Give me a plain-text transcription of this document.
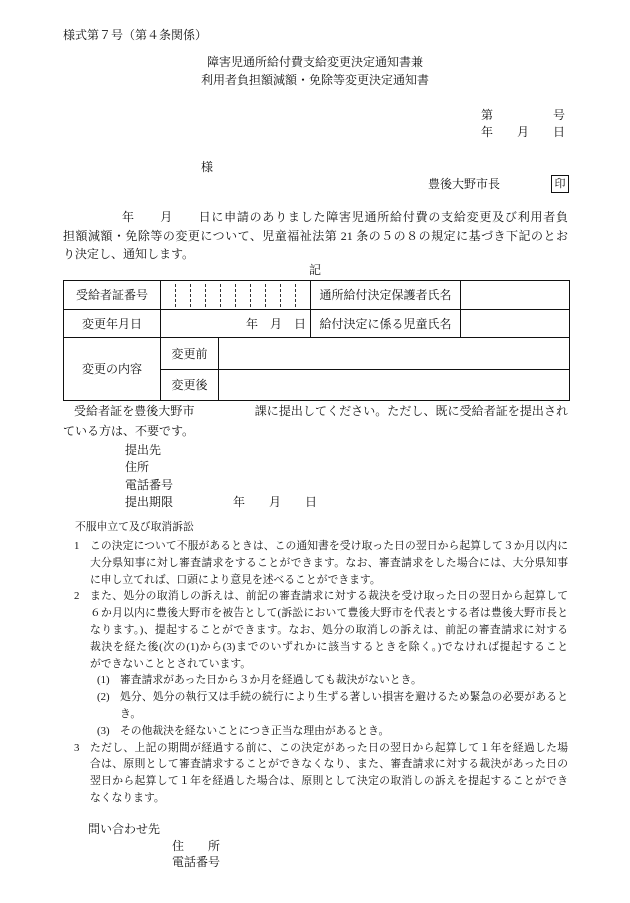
様式第７号（第４条関係）
障害児通所給付費支給変更決定通知書兼
利用者負担額減額・免除等変更決定通知書
第　　　　　号
年　　月　　日
様
豊後大野市長	印
年　　月　　日に申請のありました障害児通所給付費の支給変更及び利用者負
担額減額・免除等の変更について、児童福祉法第 21 条の５の８の規定に基づき下記のとお
り決定し、通知します。
記
受給者証番号			通所給付決定保護者氏名	
変更年月日	年　月　日		給付決定に係る児童氏名	
変更の内容	変更前			
	変更後			
受給者証を豊後大野市　　　　　課に提出してください。ただし、既に受給者証を提出され
ている方は、不要です。
提出先
住所
電話番号
提出期限　　　　　年　　月　　日
不服申立て及び取消訴訟
1 この決定について不服があるときは、この通知書を受け取った日の翌日から起算して３か月以内に
大分県知事に対し審査請求をすることができます。なお、審査請求をした場合には、大分県知事
に申し立てれば、口頭により意見を述べることができます。
2 また、処分の取消しの訴えは、前記の審査請求に対する裁決を受け取った日の翌日から起算して
６か月以内に豊後大野市を被告として(訴訟において豊後大野市を代表とする者は豊後大野市長と
なります。)、提起することができます。なお、処分の取消しの訴えは、前記の審査請求に対する
裁決を経た後(次の(1)から(3)までのいずれかに該当するときを除く。)でなければ提起すること
ができないこととされています。
(1) 審査請求があった日から３か月を経過しても裁決がないとき。
(2) 処分、処分の執行又は手続の続行により生ずる著しい損害を避けるため緊急の必要があると
き。
(3) その他裁決を経ないことにつき正当な理由があるとき。
3 ただし、上記の期間が経過する前に、この決定があった日の翌日から起算して１年を経過した場
合は、原則として審査請求することができなくなり、また、審査請求に対する裁決があった日の
翌日から起算して１年を経過した場合は、原則として決定の取消しの訴えを提起することができ
なくなります。
問い合わせ先
住　　所
電話番号
